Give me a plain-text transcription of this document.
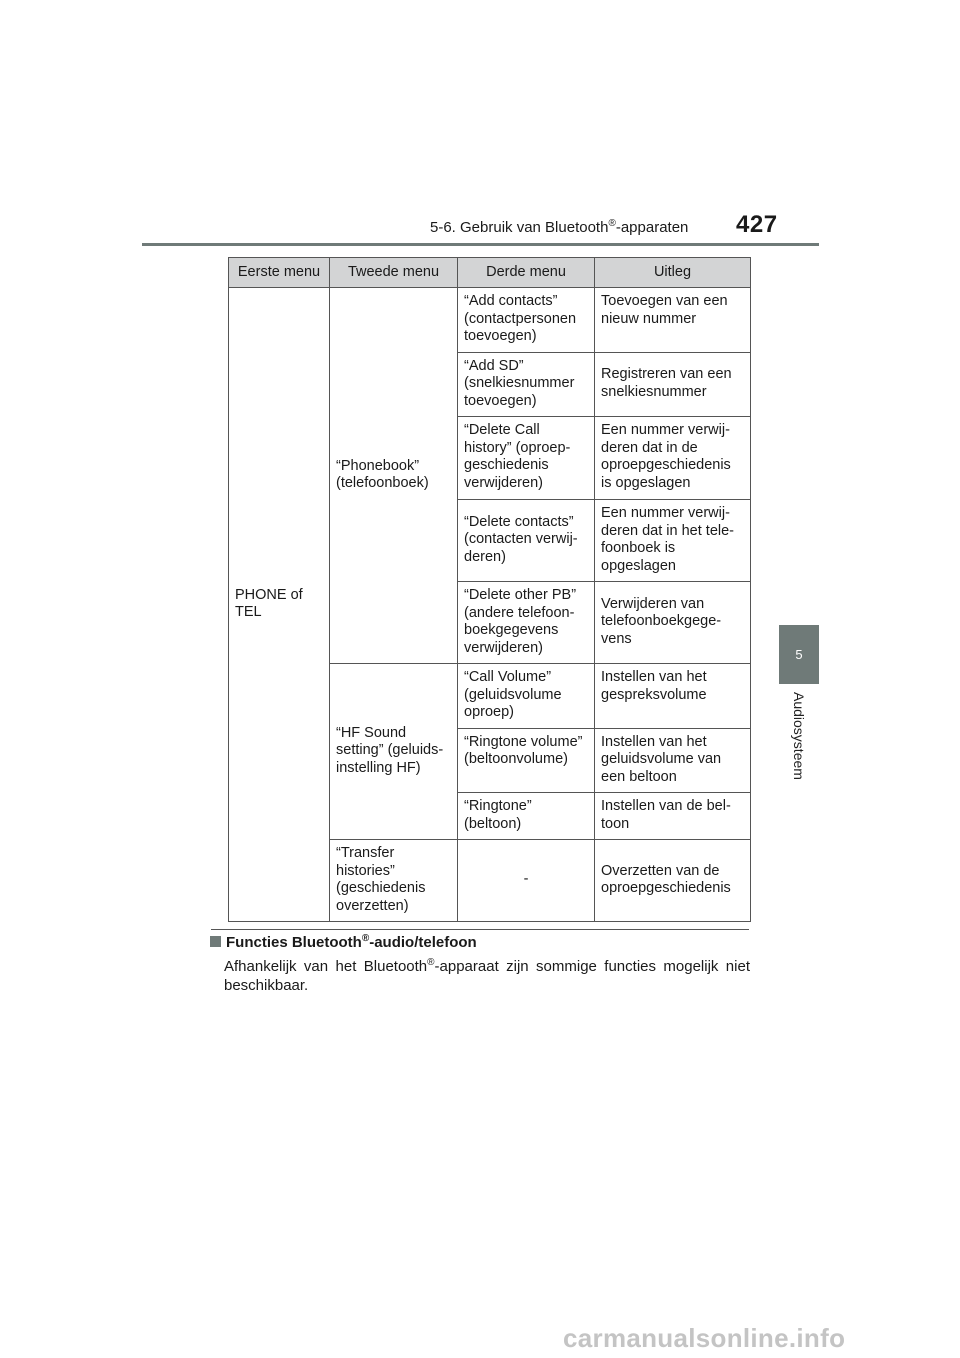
5-6. Gebruik van Bluetooth®-apparaten	427
5
Audiosysteem
Eerste menu	Tweede menu	Derde menu	Uitleg
PHONE of TEL	“Phonebook” (telefoonboek)	“Add contacts” (contactpersonen toevoegen)	Toevoegen van een nieuw nummer
		“Add SD” (snelkiesnummer toevoegen)	Registreren van een snelkiesnummer
		“Delete Call history” (oproep-geschiedenis verwijderen)	Een nummer verwij-deren dat in de oproepgeschiedenis is opgeslagen
		“Delete contacts” (contacten verwij-deren)	Een nummer verwij-deren dat in het tele-foonboek is opgeslagen
		“Delete other PB” (andere telefoon-boekgegevens verwijderen)	Verwijderen van telefoonboekgege-vens
	“HF Sound setting” (geluids-instelling HF)	“Call Volume” (geluidsvolume oproep)	Instellen van het gespreksvolume
		“Ringtone volume” (beltoonvolume)	Instellen van het geluidsvolume van een beltoon
		“Ringtone” (beltoon)	Instellen van de bel-toon
	“Transfer histories” (geschiedenis overzetten)	-	Overzetten van de oproepgeschiedenis
Functies Bluetooth®-audio/telefoon
Afhankelijk van het Bluetooth®-apparaat zijn sommige functies mogelijk niet beschikbaar.
carmanualsonline.info
